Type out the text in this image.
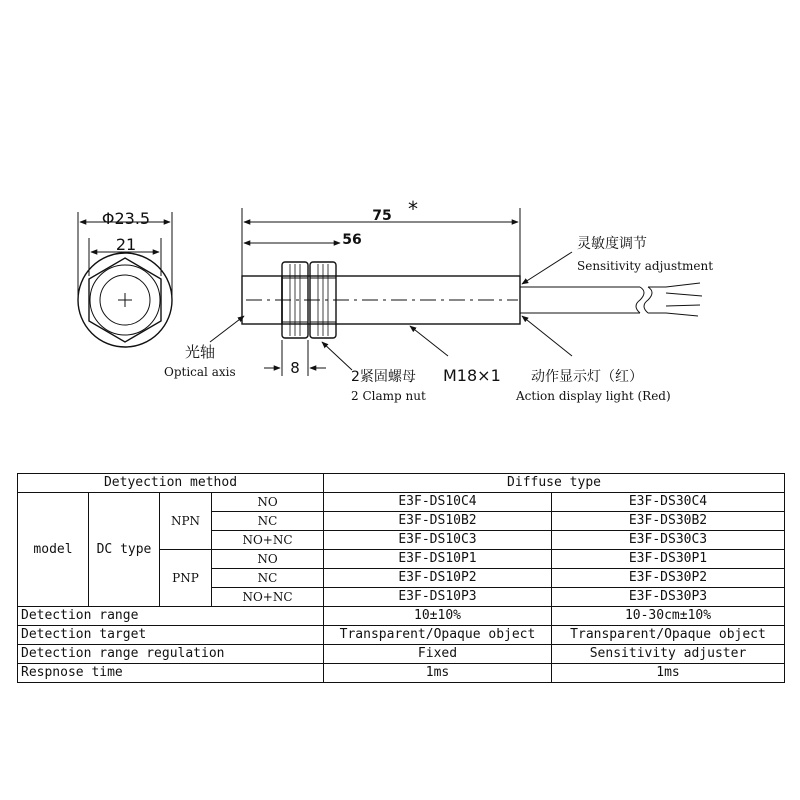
Φ23.5
21
75 *
56
8	M18×1
光轴
Optical axis	2紧固螺母
2 Clamp nut
灵敏度调节
Sensitivity adjustment
动作显示灯（红）
Action display light (Red)
Detyection method				Diffuse type	
model	DC type	NPN	NO	E3F-DS10C4	E3F-DS30C4
			NC	E3F-DS10B2	E3F-DS30B2
			NO+NC	E3F-DS10C3	E3F-DS30C3
		PNP	NO	E3F-DS10P1	E3F-DS30P1
			NC	E3F-DS10P2	E3F-DS30P2
			NO+NC	E3F-DS10P3	E3F-DS30P3
Detection range				10±10%	10-30cm±10%
Detection target				Transparent/Opaque object	Transparent/Opaque object
Detection range regulation				Fixed	Sensitivity adjuster
Respnose time				1ms	1ms
